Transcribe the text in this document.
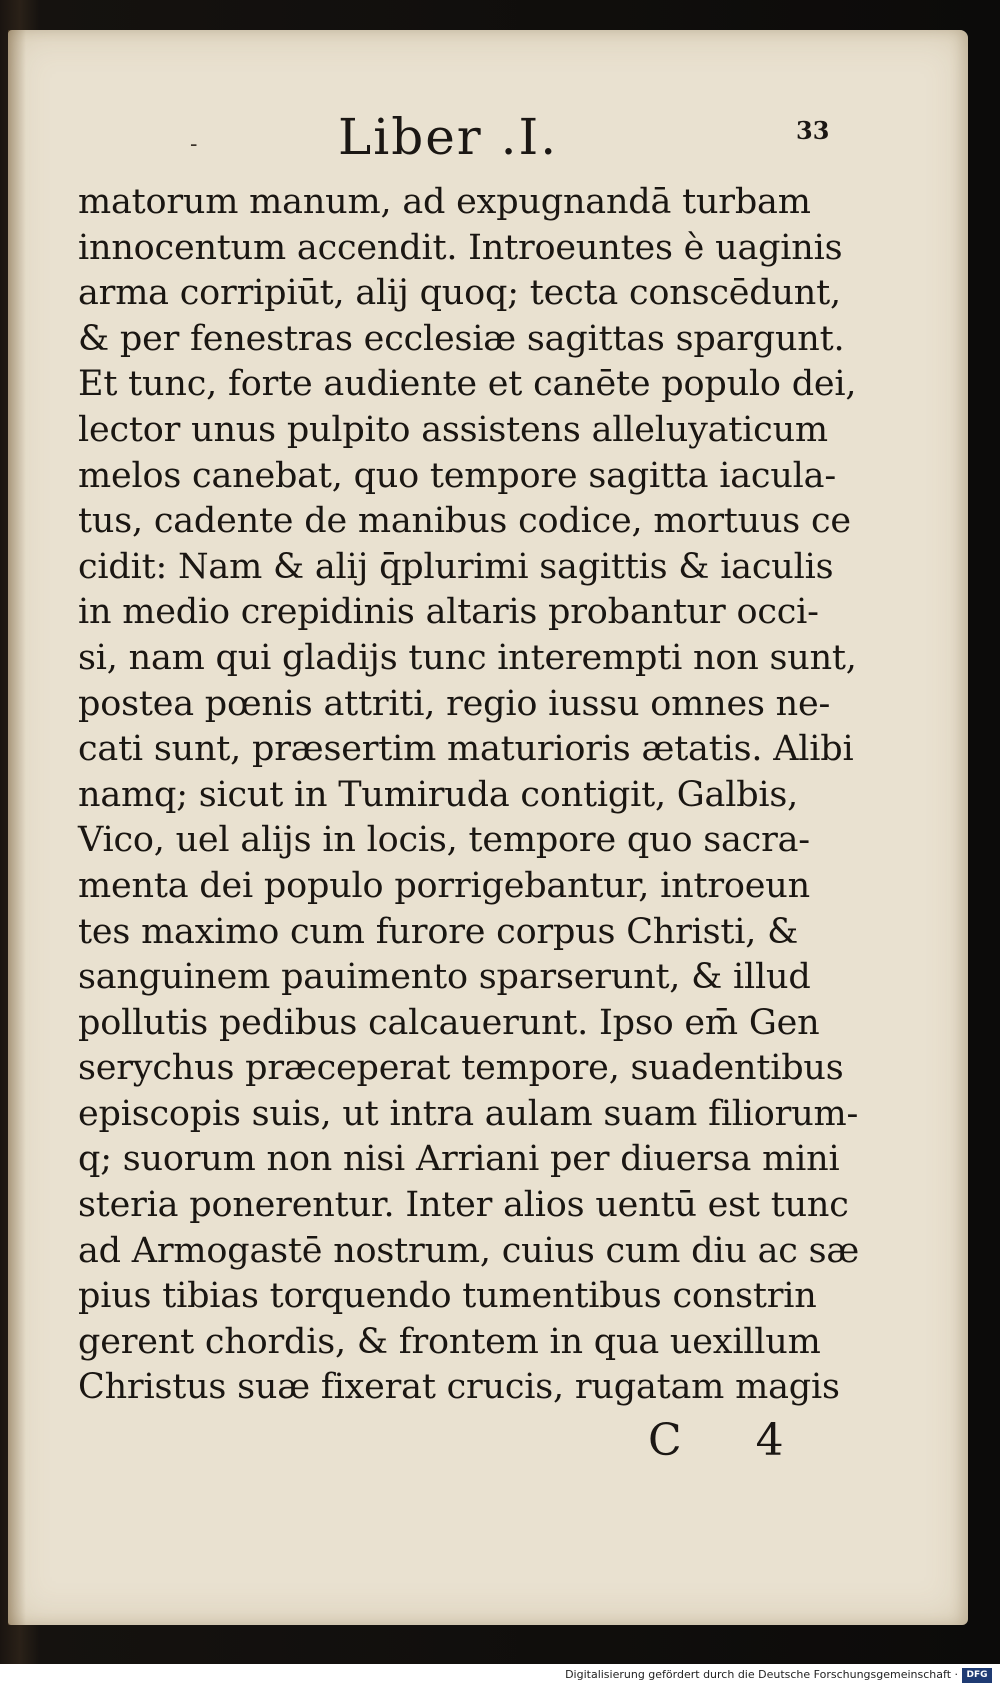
-	Liber .I.	33
matorum manum, ad expugnandā turbam
innocentum accendit. Introeuntes è uaginis
arma corripiūt, alij quoq; tecta conscēdunt,
& per fenestras ecclesiæ sagittas spargunt.
Et tunc, forte audiente et canēte populo dei,
lector unus pulpito assistens alleluyaticum
melos canebat, quo tempore sagitta iacula-
tus, cadente de manibus codice, mortuus ce
cidit: Nam & alij q̄plurimi sagittis & iaculis
in medio crepidinis altaris probantur occi-
si, nam qui gladijs tunc interempti non sunt,
postea pœnis attriti, regio iussu omnes ne-
cati sunt, præsertim maturioris ætatis. Alibi
namq; sicut in Tumiruda contigit, Galbis,
Vico, uel alijs in locis, tempore quo sacra-
menta dei populo porrigebantur, introeun
tes maximo cum furore corpus Christi, &
sanguinem pauimento sparserunt, & illud
pollutis pedibus calcauerunt. Ipso em̄ Gen
serychus præceperat tempore, suadentibus
episcopis suis, ut intra aulam suam filiorum-
q; suorum non nisi Arriani per diuersa mini
steria ponerentur. Inter alios uentū est tunc
ad Armogastē nostrum, cuius cum diu ac sæ
pius tibias torquendo tumentibus constrin
gerent chordis, & frontem in qua uexillum
Christus suæ fixerat crucis, rugatam magis
C 4
Digitalisierung gefördert durch die Deutsche Forschungsgemeinschaft · DFG
